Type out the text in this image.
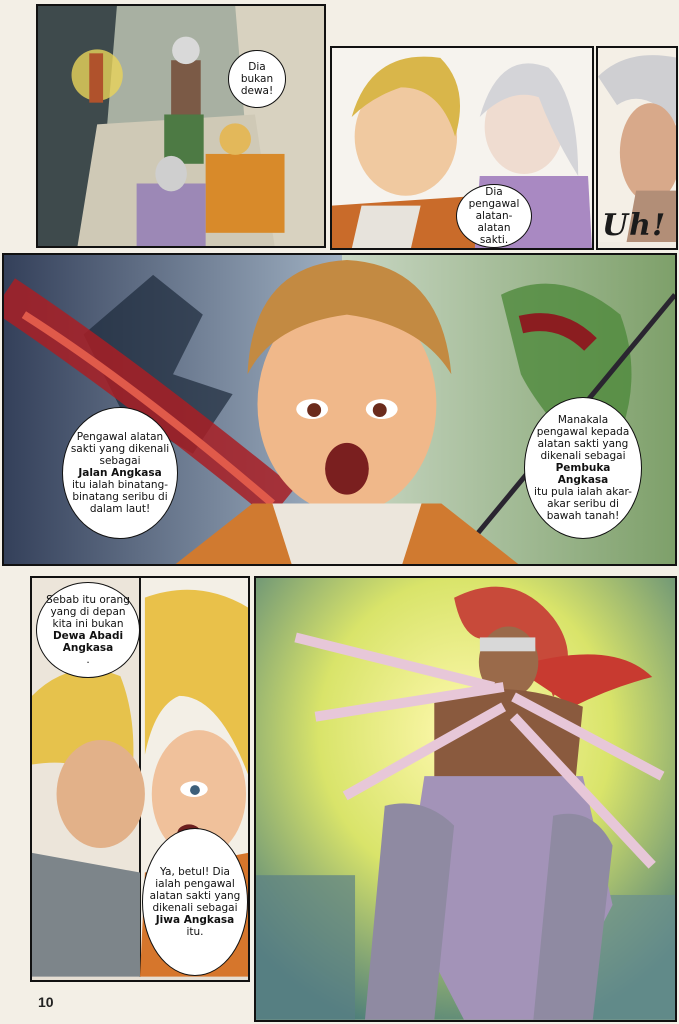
Dia bukan dewa!
Dia pengawal alatan-alatan sakti.	Uh!
Pengawal alatan sakti yang dikenali sebagai
Jalan Angkasa
itu ialah binatang-binatang seribu di dalam laut!
Manakala pengawal kepada alatan sakti yang dikenali sebagai
Pembuka Angkasa
itu pula ialah akar-akar seribu di bawah tanah!
Sebab itu orang yang di depan kita ini bukan
Dewa Abadi Angkasa
.
Ya, betul! Dia ialah pengawal alatan sakti yang dikenali sebagai
Jiwa Angkasa
itu.
10
